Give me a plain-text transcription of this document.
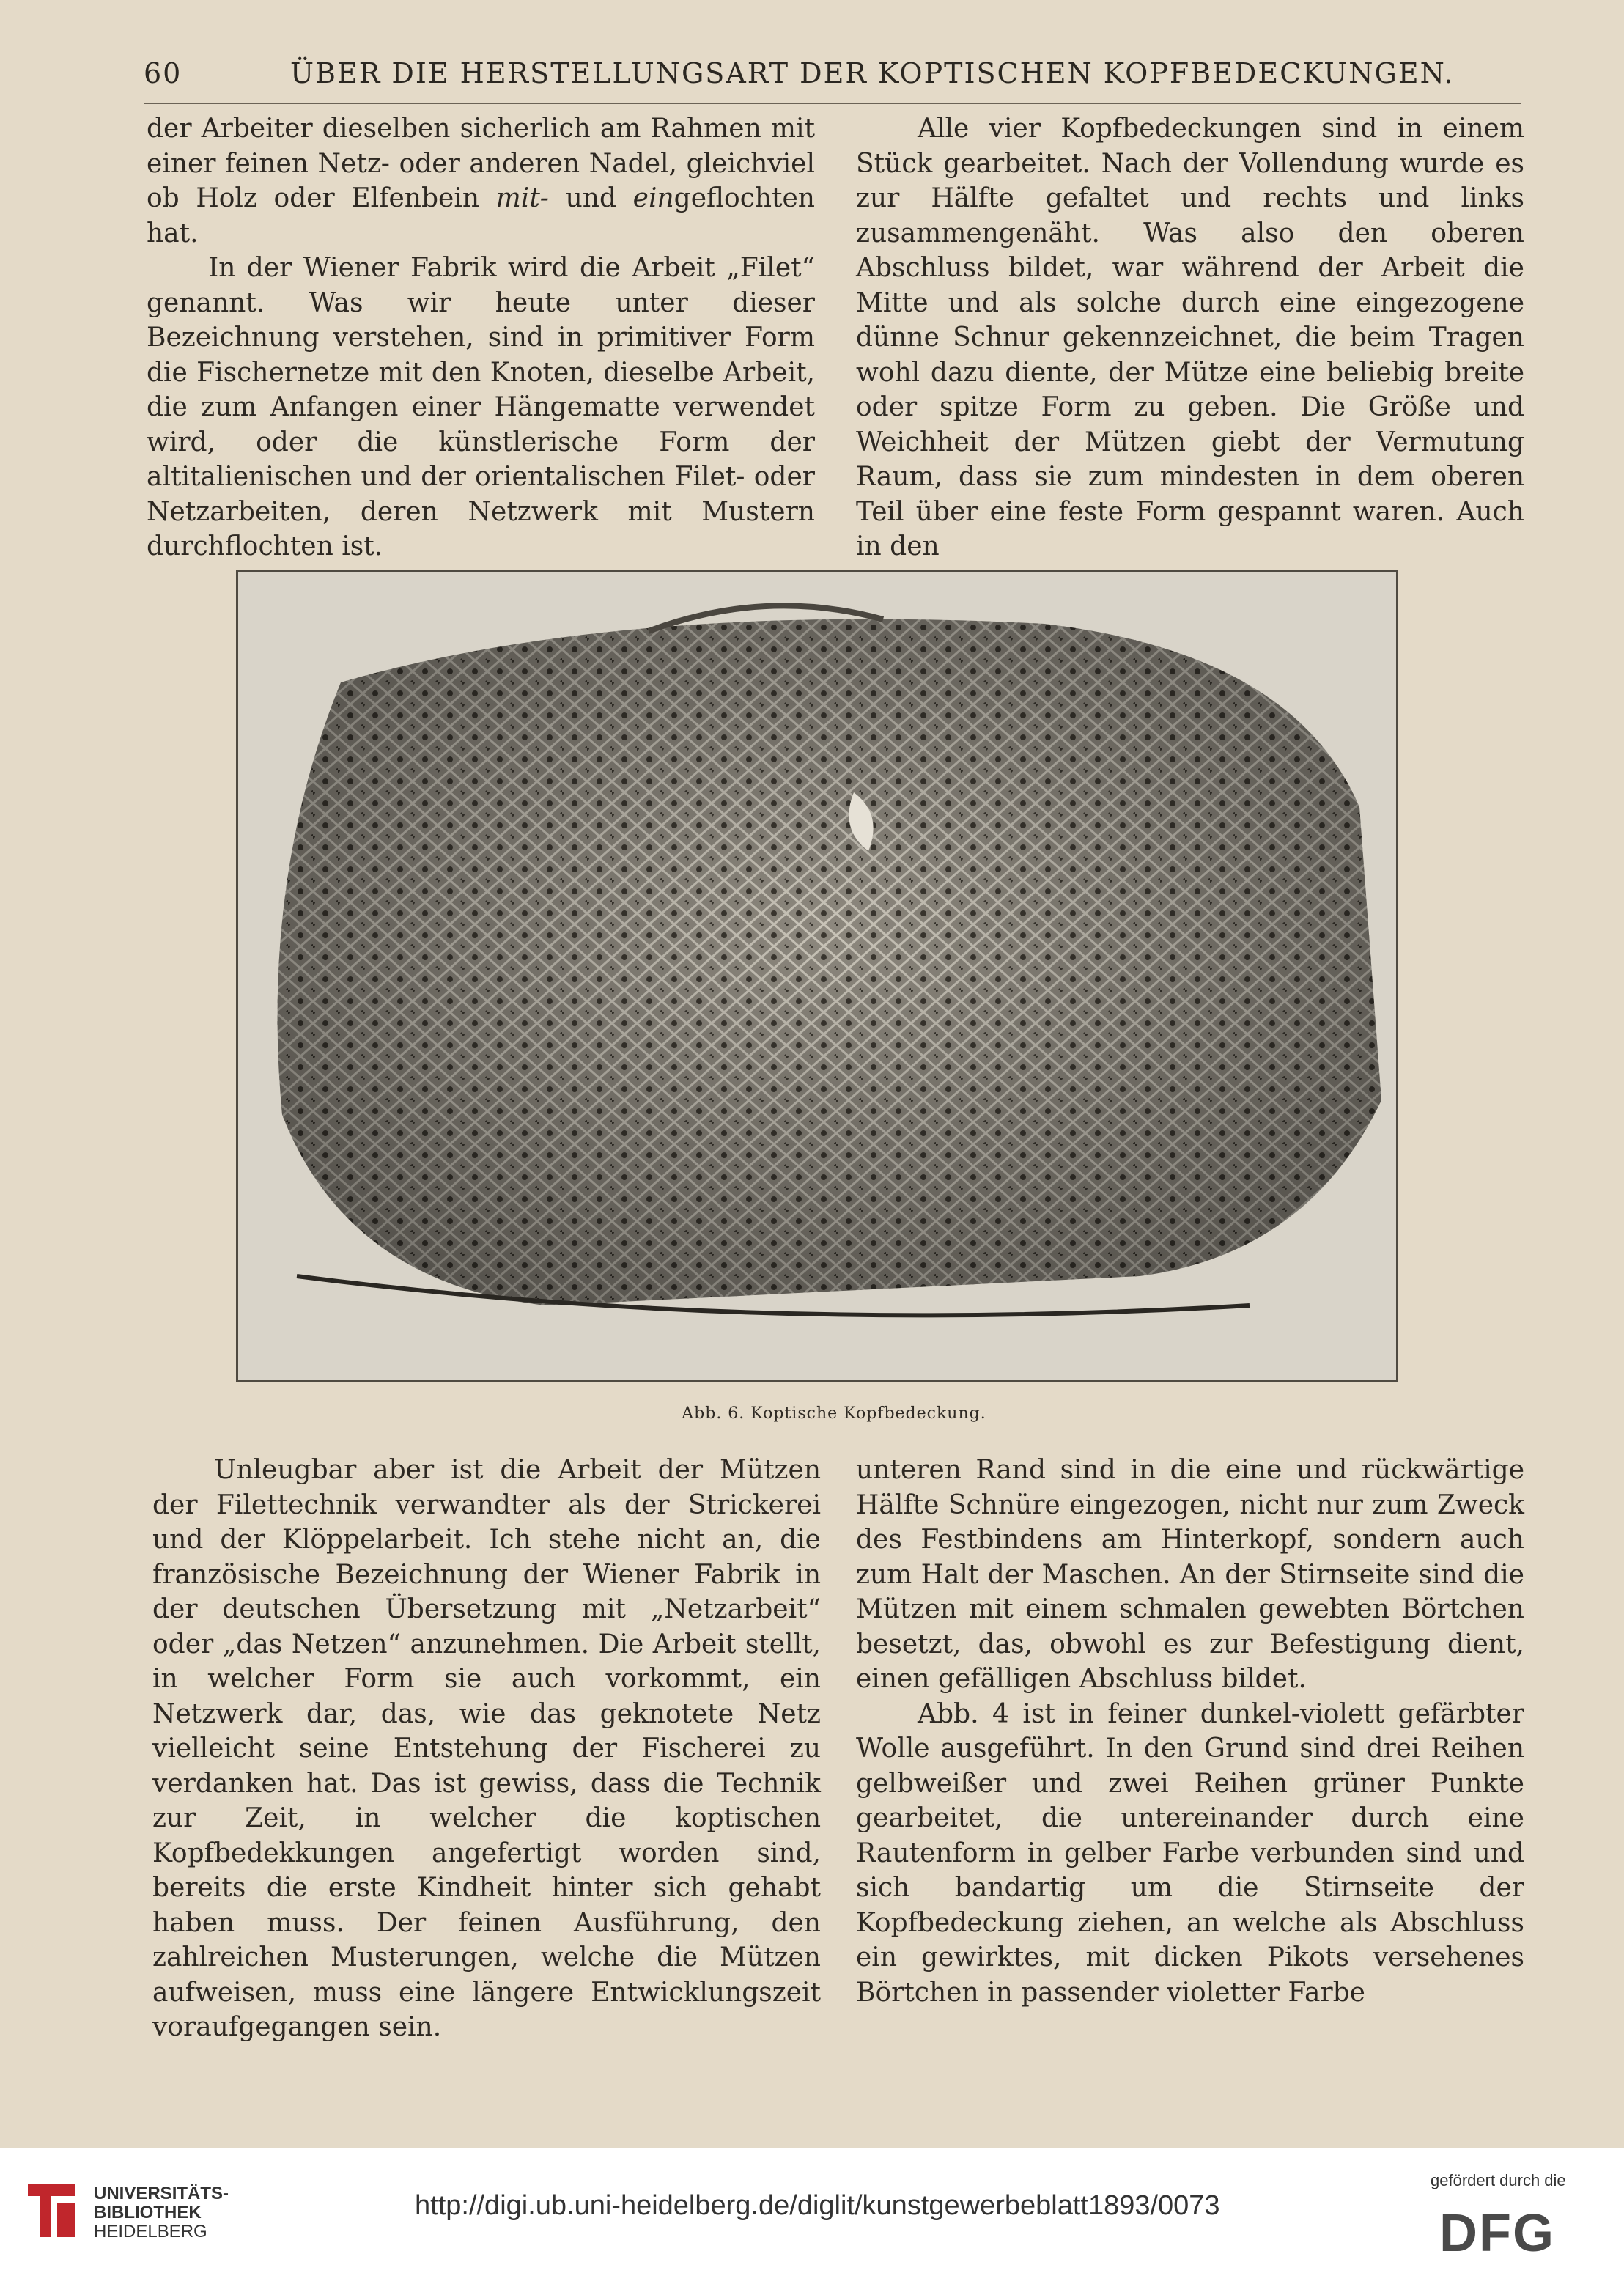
60	ÜBER DIE HERSTELLUNGSART DER KOPTISCHEN KOPFBEDECKUNGEN.

der Arbeiter dieselben sicherlich am Rahmen mit einer feinen Netz- oder anderen Nadel, gleichviel ob Holz oder Elfenbein mit- und eingeflochten hat.

In der Wiener Fabrik wird die Arbeit „Filet“ genannt. Was wir heute unter dieser Bezeichnung verstehen, sind in primitiver Form die Fischernetze mit den Knoten, dieselbe Arbeit, die zum Anfangen einer Hängematte verwendet wird, oder die künstlerische Form der altitalienischen und der orientalischen Filet- oder Netzarbeiten, deren Netzwerk mit Mustern durchflochten ist.

Alle vier Kopfbedeckungen sind in einem Stück gearbeitet. Nach der Vollendung wurde es zur Hälfte gefaltet und rechts und links zusammengenäht. Was also den oberen Abschluss bildet, war während der Arbeit die Mitte und als solche durch eine eingezogene dünne Schnur gekennzeichnet, die beim Tragen wohl dazu diente, der Mütze eine beliebig breite oder spitze Form zu geben. Die Größe und Weichheit der Mützen giebt der Vermutung Raum, dass sie zum mindesten in dem oberen Teil über eine feste Form gespannt waren. Auch in den

Abb. 6. Koptische Kopfbedeckung.

Unleugbar aber ist die Arbeit der Mützen der Filettechnik verwandter als der Strickerei und der Klöppelarbeit. Ich stehe nicht an, die französische Bezeichnung der Wiener Fabrik in der deutschen Übersetzung mit „Netzarbeit“ oder „das Netzen“ anzunehmen. Die Arbeit stellt, in welcher Form sie auch vorkommt, ein Netzwerk dar, das, wie das geknotete Netz vielleicht seine Entstehung der Fischerei zu verdanken hat. Das ist gewiss, dass die Technik zur Zeit, in welcher die koptischen Kopfbedekkungen angefertigt worden sind, bereits die erste Kindheit hinter sich gehabt haben muss. Der feinen Ausführung, den zahlreichen Musterungen, welche die Mützen aufweisen, muss eine längere Entwicklungszeit voraufgegangen sein.

unteren Rand sind in die eine und rückwärtige Hälfte Schnüre eingezogen, nicht nur zum Zweck des Festbindens am Hinterkopf, sondern auch zum Halt der Maschen. An der Stirnseite sind die Mützen mit einem schmalen gewebten Börtchen besetzt, das, obwohl es zur Befestigung dient, einen gefälligen Abschluss bildet.

Abb. 4 ist in feiner dunkel-violett gefärbter Wolle ausgeführt. In den Grund sind drei Reihen gelbweißer und zwei Reihen grüner Punkte gearbeitet, die untereinander durch eine Rautenform in gelber Farbe verbunden sind und sich bandartig um die Stirnseite der Kopfbedeckung ziehen, an welche als Abschluss ein gewirktes, mit dicken Pikots versehenes Börtchen in passender violetter Farbe

UNIVERSITÄTS-
BIBLIOTHEK
HEIDELBERG
http://digi.ub.uni-heidelberg.de/diglit/kunstgewerbeblatt1893/0073
gefördert durch die
DFG
